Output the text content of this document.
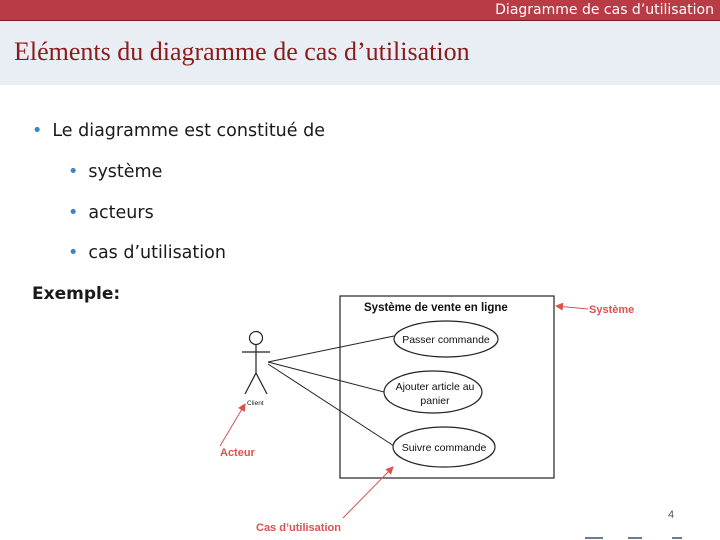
Diagramme de cas d’utilisation
Eléments du diagramme de cas d’utilisation
• Le diagramme est constitué de
• système
• acteurs
• cas d’utilisation
Exemple:
Système de vente en ligne
Client
Passer commande
Ajouter article au
panier
Suivre commande
Système
Acteur
Cas d’utilisation
4
